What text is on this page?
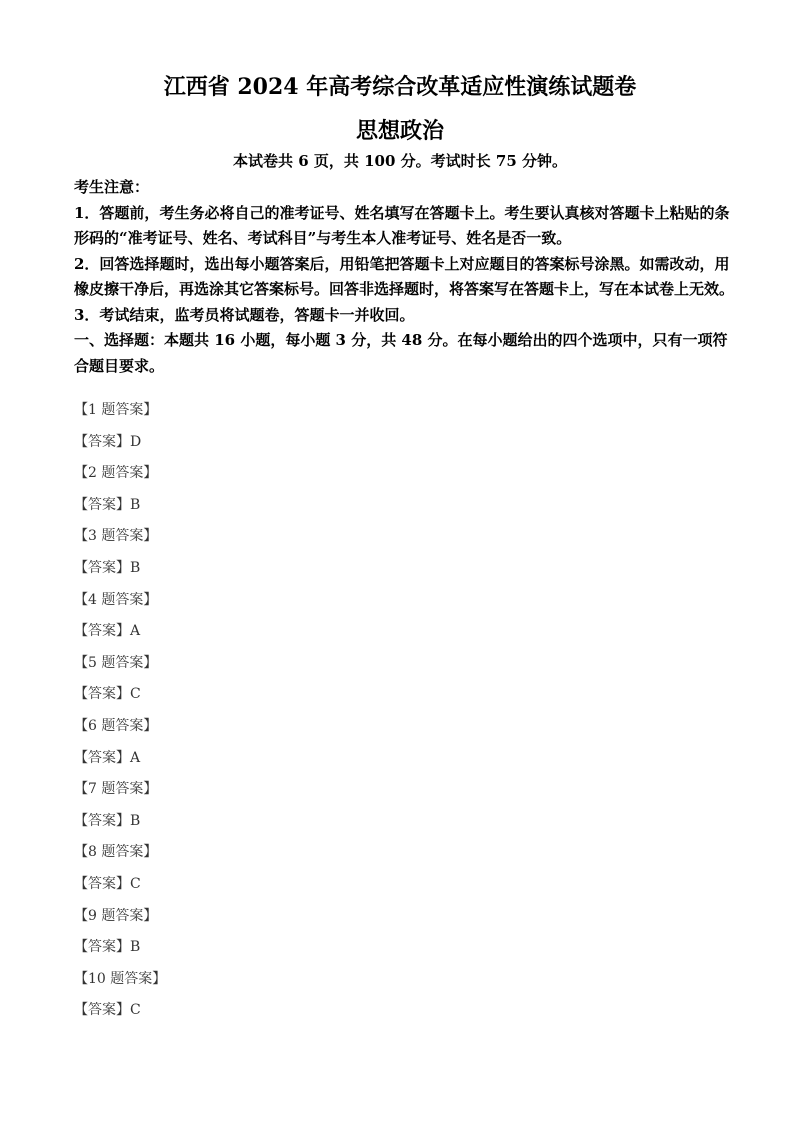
江西省 2024 年高考综合改革适应性演练试题卷
思想政治
本试卷共 6 页，共 100 分。考试时长 75 分钟。

考生注意：

1．答题前，考生务必将自己的准考证号、姓名填写在答题卡上。考生要认真核对答题卡上粘贴的条形码的“准考证号、姓名、考试科目”与考生本人准考证号、姓名是否一致。

2．回答选择题时，选出每小题答案后，用铅笔把答题卡上对应题目的答案标号涂黑。如需改动，用橡皮擦干净后，再选涂其它答案标号。回答非选择题时，将答案写在答题卡上，写在本试卷上无效。

3．考试结束，监考员将试题卷，答题卡一并收回。

一、选择题：本题共 16 小题，每小题 3 分，共 48 分。在每小题给出的四个选项中，只有一项符合题目要求。

【1 题答案】
【答案】D
【2 题答案】
【答案】B
【3 题答案】
【答案】B
【4 题答案】
【答案】A
【5 题答案】
【答案】C
【6 题答案】
【答案】A
【7 题答案】
【答案】B
【8 题答案】
【答案】C
【9 题答案】
【答案】B
【10 题答案】
【答案】C
